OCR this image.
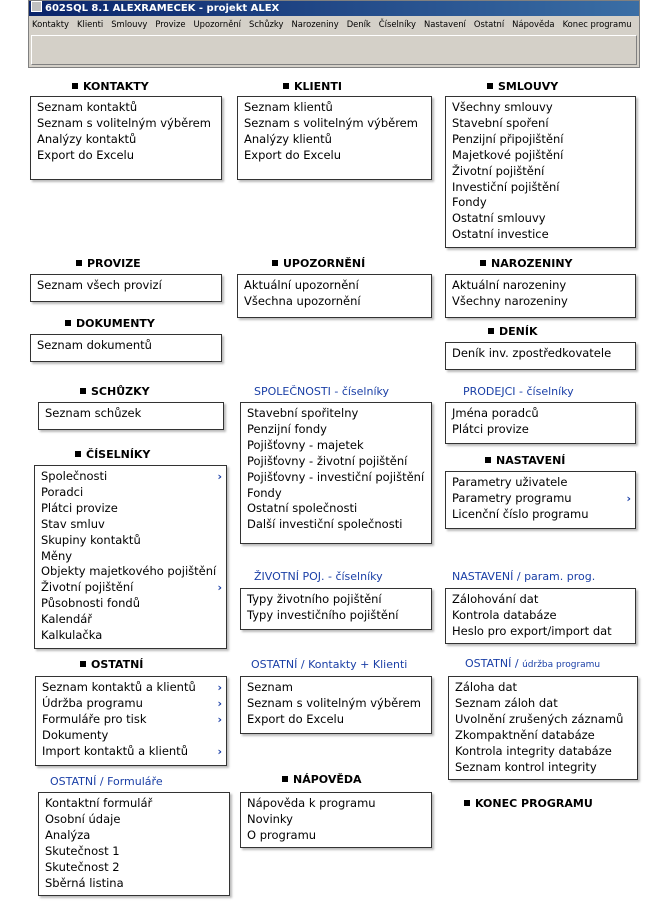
602SQL 8.1 ALEXRAMECEK - projekt ALEX
Kontakty Klienti Smlouvy Provize Upozornění Schůzky Narozeniny Deník Číselníky Nastavení Ostatní Nápověda Konec programu
KONTAKTY
Seznam kontaktů
Seznam s volitelným výběrem
Analýzy kontaktů
Export do Excelu
KLIENTI
Seznam klientů
Seznam s volitelným výběrem
Analýzy klientů
Export do Excelu
SMLOUVY
Všechny smlouvy
Stavební spoření
Penzijní připojištění
Majetkové pojištění
Životní pojištění
Investiční pojištění
Fondy
Ostatní smlouvy
Ostatní investice
PROVIZE
Seznam všech provizí
UPOZORNĚNÍ
Aktuální upozornění
Všechna upozornění
NAROZENINY
Aktuální narozeniny
Všechny narozeniny
DOKUMENTY
Seznam dokumentů
DENÍK
Deník inv. zpostředkovatele
SCHŮZKY
Seznam schůzek
SPOLEČNOSTI - číselníky
Stavební spořitelny
Penzijní fondy
Pojišťovny - majetek
Pojišťovny - životní pojištění
Pojišťovny - investiční pojištění
Fondy
Ostatní společnosti
Další investiční společnosti
PRODEJCI - číselníky
Jména poradců
Plátci provize
ČÍSELNÍKY
Společnosti	›
Poradci
Plátci provize
Stav smluv
Skupiny kontaktů
Měny
Objekty majetkového pojištění
Životní pojištění	›
Působnosti fondů
Kalendář
Kalkulačka
NASTAVENÍ
Parametry uživatele
Parametry programu	›
Licenční číslo programu
ŽIVOTNÍ POJ. - číselníky
Typy životního pojištění
Typy investičního pojištění
NASTAVENÍ / param. prog.
Zálohování dat
Kontrola databáze
Heslo pro export/import dat
OSTATNÍ
Seznam kontaktů a klientů ›
Údržba programu	›
Formuláře pro tisk	›
Dokumenty
Import kontaktů a klientů	›
OSTATNÍ / Kontakty + Klienti
Seznam
Seznam s volitelným výběrem
Export do Excelu
OSTATNÍ / údržba programu
Záloha dat
Seznam záloh dat
Uvolnění zrušených záznamů
Zkompaktnění databáze
Kontrola integrity databáze
Seznam kontrol integrity
OSTATNÍ / Formuláře
Kontaktní formulář
Osobní údaje
Analýza
Skutečnost 1
Skutečnost 2
Sběrná listina
NÁPOVĚDA
Nápověda k programu
Novinky
O programu
KONEC PROGRAMU
